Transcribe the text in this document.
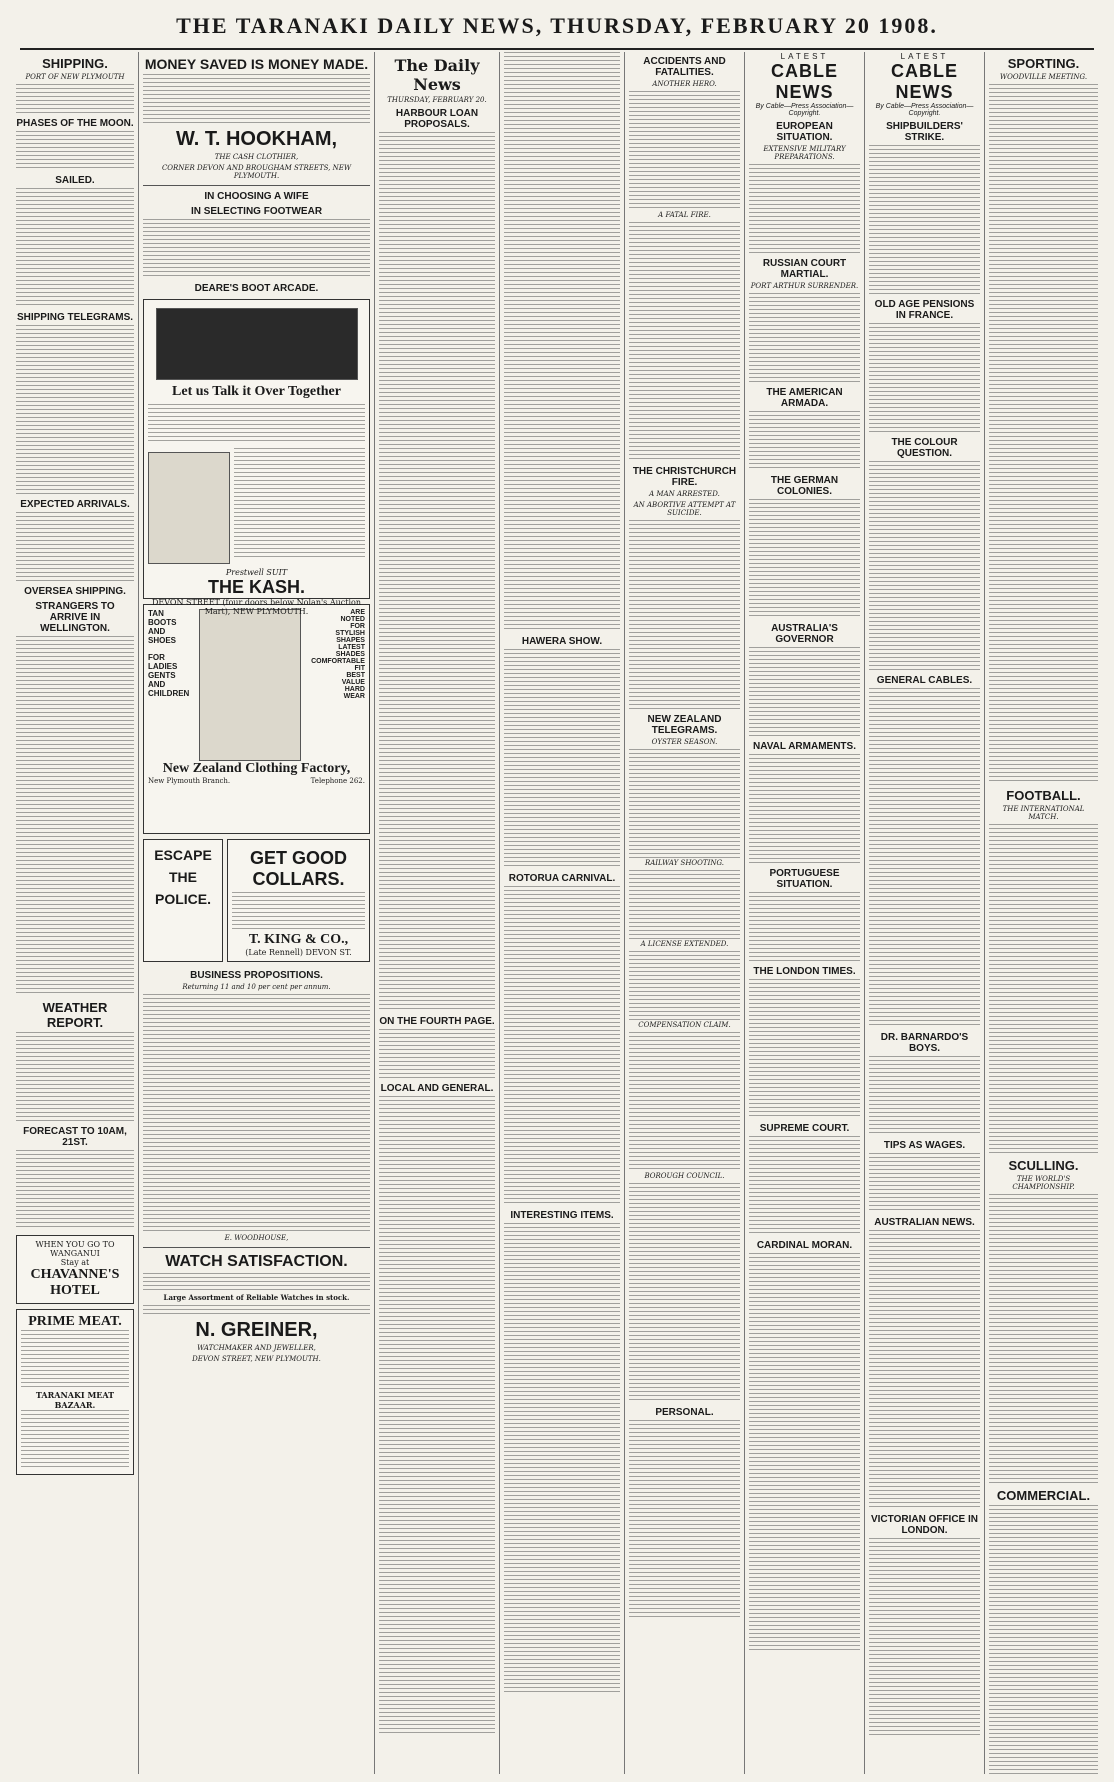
THE TARANAKI DAILY NEWS, THURSDAY, FEBRUARY 20 1908.
SHIPPING.
PORT OF NEW PLYMOUTH
PHASES OF THE MOON.
SAILED.
SHIPPING TELEGRAMS.
EXPECTED ARRIVALS.
OVERSEA SHIPPING.
STRANGERS TO ARRIVE IN WELLINGTON.
WEATHER REPORT.
FORECAST TO 10AM, 21ST.
WHEN YOU GO TO WANGANUI
Stay at
CHAVANNE'S HOTEL
PRIME MEAT.
TARANAKI MEAT BAZAAR.
MONEY SAVED IS MONEY MADE.
W. T. HOOKHAM,
THE CASH CLOTHIER,
CORNER DEVON AND BROUGHAM STREETS, NEW PLYMOUTH.
IN CHOOSING A WIFE
IN SELECTING FOOTWEAR
DEARE'S BOOT ARCADE.
Let us Talk it Over Together
Prestwell SUIT
THE KASH.
DEVON STREET (four doors below Nolan's Auction Mart), NEW PLYMOUTH.
TAN
BOOTS
AND
SHOES
FOR
LADIES
GENTS
AND
CHILDREN
ARE
NOTED
FOR
STYLISH
SHAPES
LATEST
SHADES
COMFORTABLE
FIT
BEST
VALUE
HARD
WEAR
New Zealand Clothing Factory,
New Plymouth Branch.	Telephone 262.
ESCAPE
THE
POLICE.
GET GOOD COLLARS.
T. KING & CO.,
(Late Rennell) DEVON ST.
BUSINESS PROPOSITIONS.
Returning 11 and 10 per cent per annum.
E. WOODHOUSE,
WATCH SATISFACTION.
Large Assortment of Reliable Watches in stock.
N. GREINER,
WATCHMAKER AND JEWELLER,
DEVON STREET, NEW PLYMOUTH.
The Daily News
THURSDAY, FEBRUARY 20.
HARBOUR LOAN PROPOSALS.
ON THE FOURTH PAGE.
LOCAL AND GENERAL.
HAWERA SHOW.
ROTORUA CARNIVAL.
INTERESTING ITEMS.
ACCIDENTS AND FATALITIES.
ANOTHER HERO.
A FATAL FIRE.
THE CHRISTCHURCH FIRE.
A MAN ARRESTED.
AN ABORTIVE ATTEMPT AT SUICIDE.
NEW ZEALAND TELEGRAMS.
OYSTER SEASON.
RAILWAY SHOOTING.
A LICENSE EXTENDED.
COMPENSATION CLAIM.
BOROUGH COUNCIL.
PERSONAL.
LATEST
CABLE NEWS
By Cable—Press Association—Copyright.
EUROPEAN SITUATION.
EXTENSIVE MILITARY PREPARATIONS.
RUSSIAN COURT MARTIAL.
PORT ARTHUR SURRENDER.
THE AMERICAN ARMADA.
THE GERMAN COLONIES.
AUSTRALIA'S GOVERNOR
NAVAL ARMAMENTS.
PORTUGUESE SITUATION.
THE LONDON TIMES.
SUPREME COURT.
CARDINAL MORAN.
LATEST
CABLE NEWS
By Cable—Press Association—Copyright.
SHIPBUILDERS' STRIKE.
OLD AGE PENSIONS IN FRANCE.
THE COLOUR QUESTION.
GENERAL CABLES.
DR. BARNARDO'S BOYS.
TIPS AS WAGES.
AUSTRALIAN NEWS.
VICTORIAN OFFICE IN LONDON.
SPORTING.
WOODVILLE MEETING.
FOOTBALL.
THE INTERNATIONAL MATCH.
SCULLING.
THE WORLD'S CHAMPIONSHIP.
COMMERCIAL.
